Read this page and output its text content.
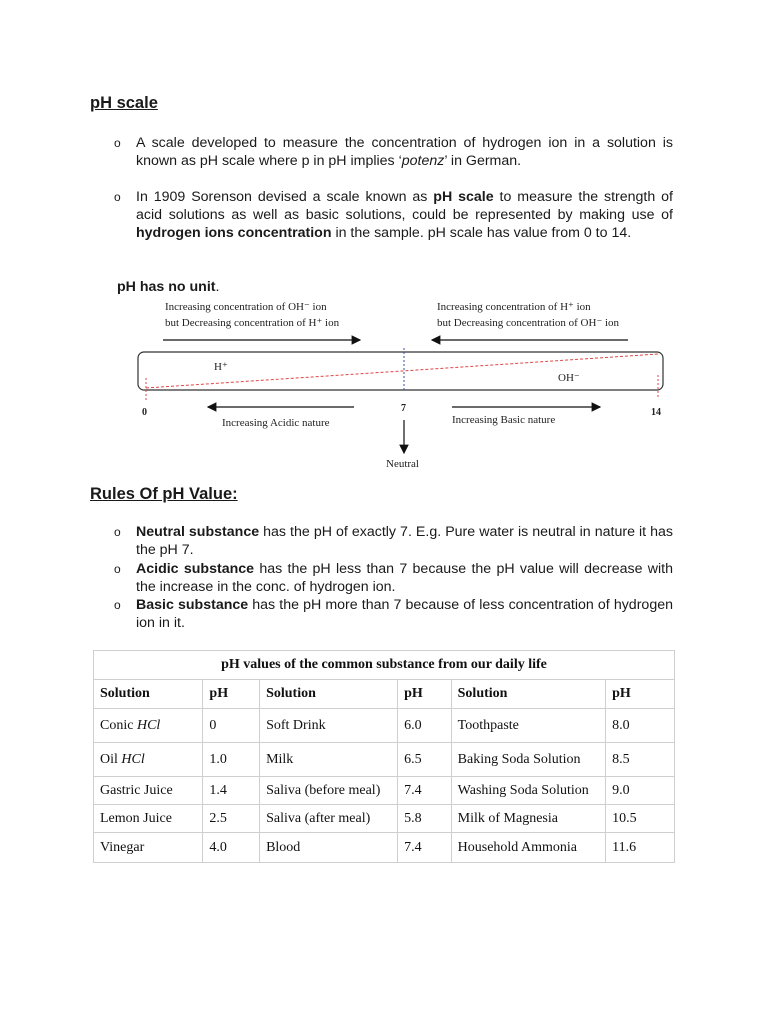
pH scale
o A scale developed to measure the concentration of hydrogen ion in a solution is known as pH scale where p in pH implies ‘potenz’ in German.
o In 1909 Sorenson devised a scale known as pH scale to measure the strength of acid solutions as well as basic solutions, could be represented by making use of hydrogen ions concentration in the sample. pH scale has value from 0 to 14.
pH has no unit.
Increasing concentration of OH⁻ ion
but Decreasing concentration of H⁺ ion
Increasing concentration of H⁺ ion
but Decreasing concentration of OH⁻ ion
H⁺
OH⁻
0	7	14
Increasing Acidic nature	Increasing Basic nature
Neutral
Rules Of pH Value:
o Neutral substance has the pH of exactly 7. E.g. Pure water is neutral in nature it has the pH 7.
o Acidic substance has the pH less than 7 because the pH value will decrease with the increase in the conc. of hydrogen ion.
o Basic substance has the pH more than 7 because of less concentration of hydrogen ion in it.
pH values of the common substance from our daily life					
Solution	pH	Solution	pH	Solution	pH
Conic HCl	0	Soft Drink	6.0	Toothpaste	8.0
Oil HCl	1.0	Milk	6.5	Baking Soda Solution	8.5
Gastric Juice	1.4	Saliva (before meal)	7.4	Washing Soda Solution	9.0
Lemon Juice	2.5	Saliva (after meal)	5.8	Milk of Magnesia	10.5
Vinegar	4.0	Blood	7.4	Household Ammonia	11.6
